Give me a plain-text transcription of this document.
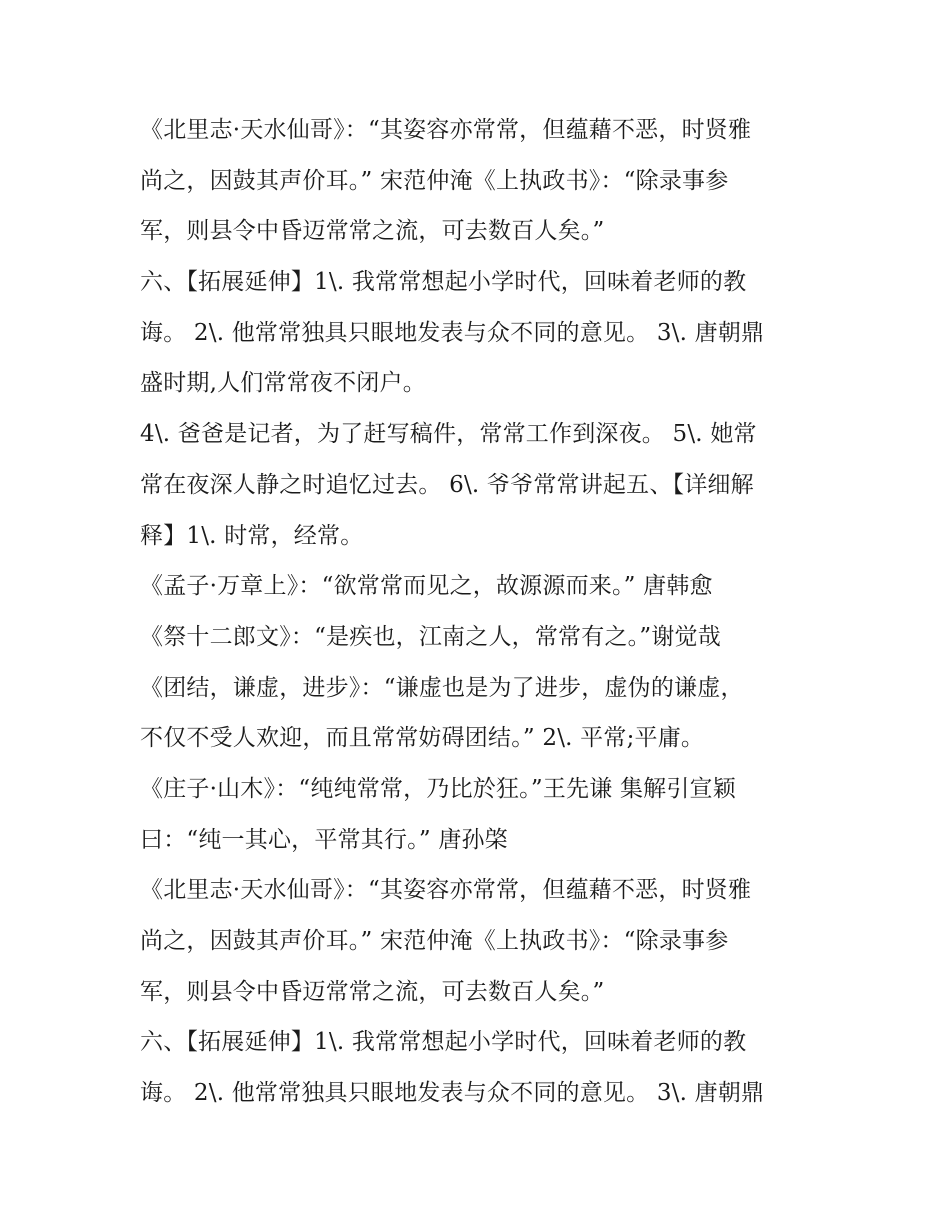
《北里志·天水仙哥》：“其姿容亦常常，但蕴藉不恶，时贤雅
尚之，因鼓其声价耳。” 宋范仲淹《上执政书》：“除录事参
军，则县令中昏迈常常之流，可去数百人矣。”
六、【拓展延伸】1\. 我常常想起小学时代，回味着老师的教
诲。 2\. 他常常独具只眼地发表与众不同的意见。 3\. 唐朝鼎
盛时期,人们常常夜不闭户。
4\. 爸爸是记者，为了赶写稿件，常常工作到深夜。 5\. 她常
常在夜深人静之时追忆过去。 6\. 爷爷常常讲起五、【详细解
释】1\. 时常，经常。
《孟子·万章上》：“欲常常而见之，故源源而来。” 唐韩愈
《祭十二郎文》：“是疾也，江南之人，常常有之。”谢觉哉
《团结，谦虚，进步》：“谦虚也是为了进步，虚伪的谦虚，
不仅不受人欢迎，而且常常妨碍团结。” 2\. 平常;平庸。
《庄子·山木》：“纯纯常常，乃比於狂。”王先谦 集解引宣颖
曰：“纯一其心，平常其行。” 唐孙棨
《北里志·天水仙哥》：“其姿容亦常常，但蕴藉不恶，时贤雅
尚之，因鼓其声价耳。” 宋范仲淹《上执政书》：“除录事参
军，则县令中昏迈常常之流，可去数百人矣。”
六、【拓展延伸】1\. 我常常想起小学时代，回味着老师的教
诲。 2\. 他常常独具只眼地发表与众不同的意见。 3\. 唐朝鼎
